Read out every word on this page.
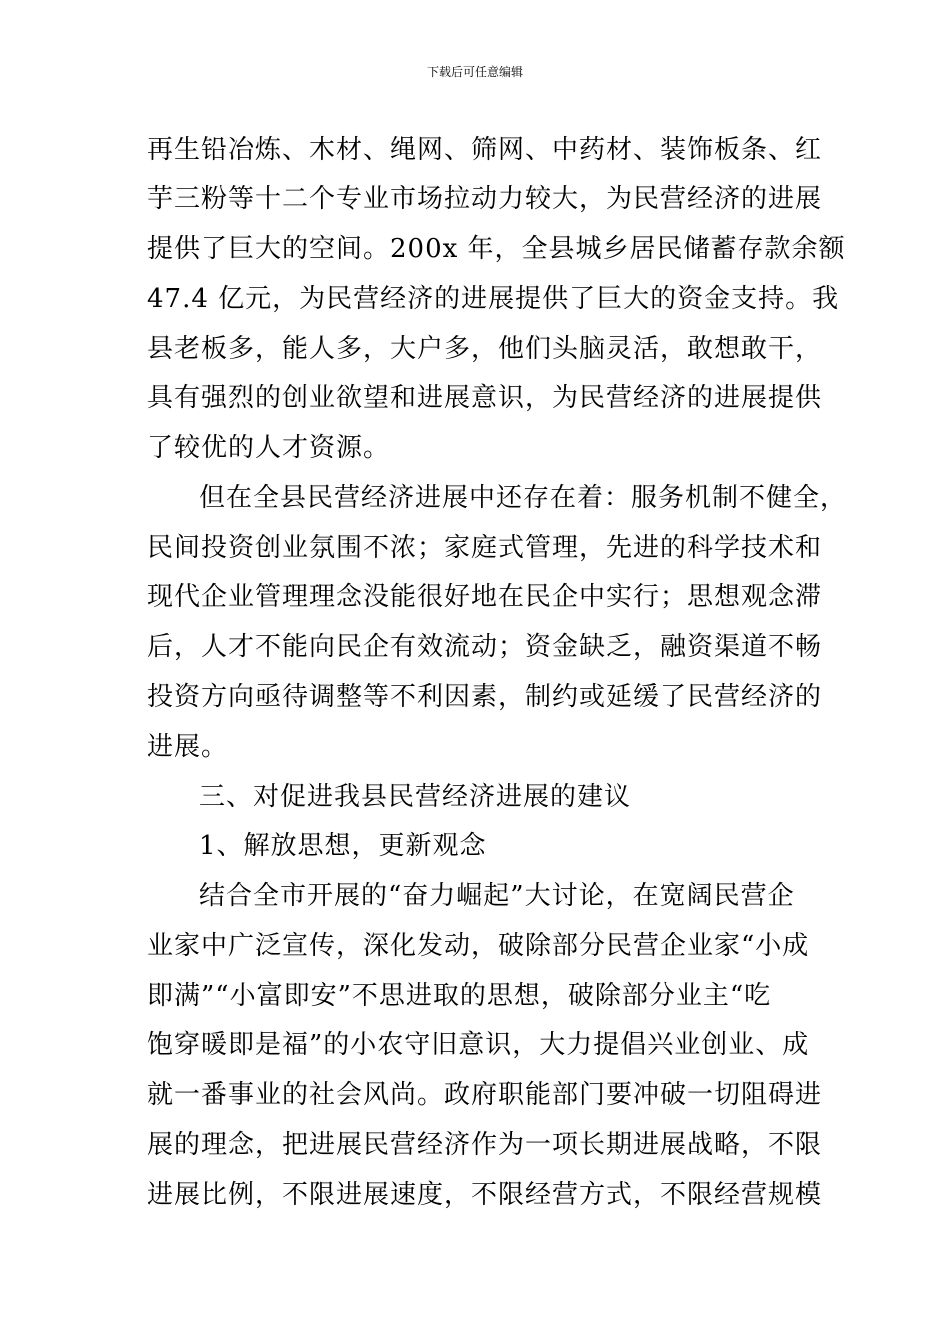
下载后可任意编辑
再生铅冶炼、木材、绳网、筛网、中药材、装饰板条、红
芋三粉等十二个专业市场拉动力较大，为民营经济的进展
提供了巨大的空间。200x 年，全县城乡居民储蓄存款余额
47.4 亿元，为民营经济的进展提供了巨大的资金支持。我
县老板多，能人多，大户多，他们头脑灵活，敢想敢干，
具有强烈的创业欲望和进展意识，为民营经济的进展提供
了较优的人才资源。
但在全县民营经济进展中还存在着：服务机制不健全，
民间投资创业氛围不浓；家庭式管理，先进的科学技术和
现代企业管理理念没能很好地在民企中实行；思想观念滞
后，人才不能向民企有效流动；资金缺乏，融资渠道不畅
投资方向亟待调整等不利因素，制约或延缓了民营经济的
进展。
三、对促进我县民营经济进展的建议
1、解放思想，更新观念
结合全市开展的“奋力崛起”大讨论，在宽阔民营企
业家中广泛宣传，深化发动，破除部分民营企业家“小成
即满”“小富即安”不思进取的思想，破除部分业主“吃
饱穿暖即是福”的小农守旧意识，大力提倡兴业创业、成
就一番事业的社会风尚。政府职能部门要冲破一切阻碍进
展的理念，把进展民营经济作为一项长期进展战略，不限
进展比例，不限进展速度，不限经营方式，不限经营规模
